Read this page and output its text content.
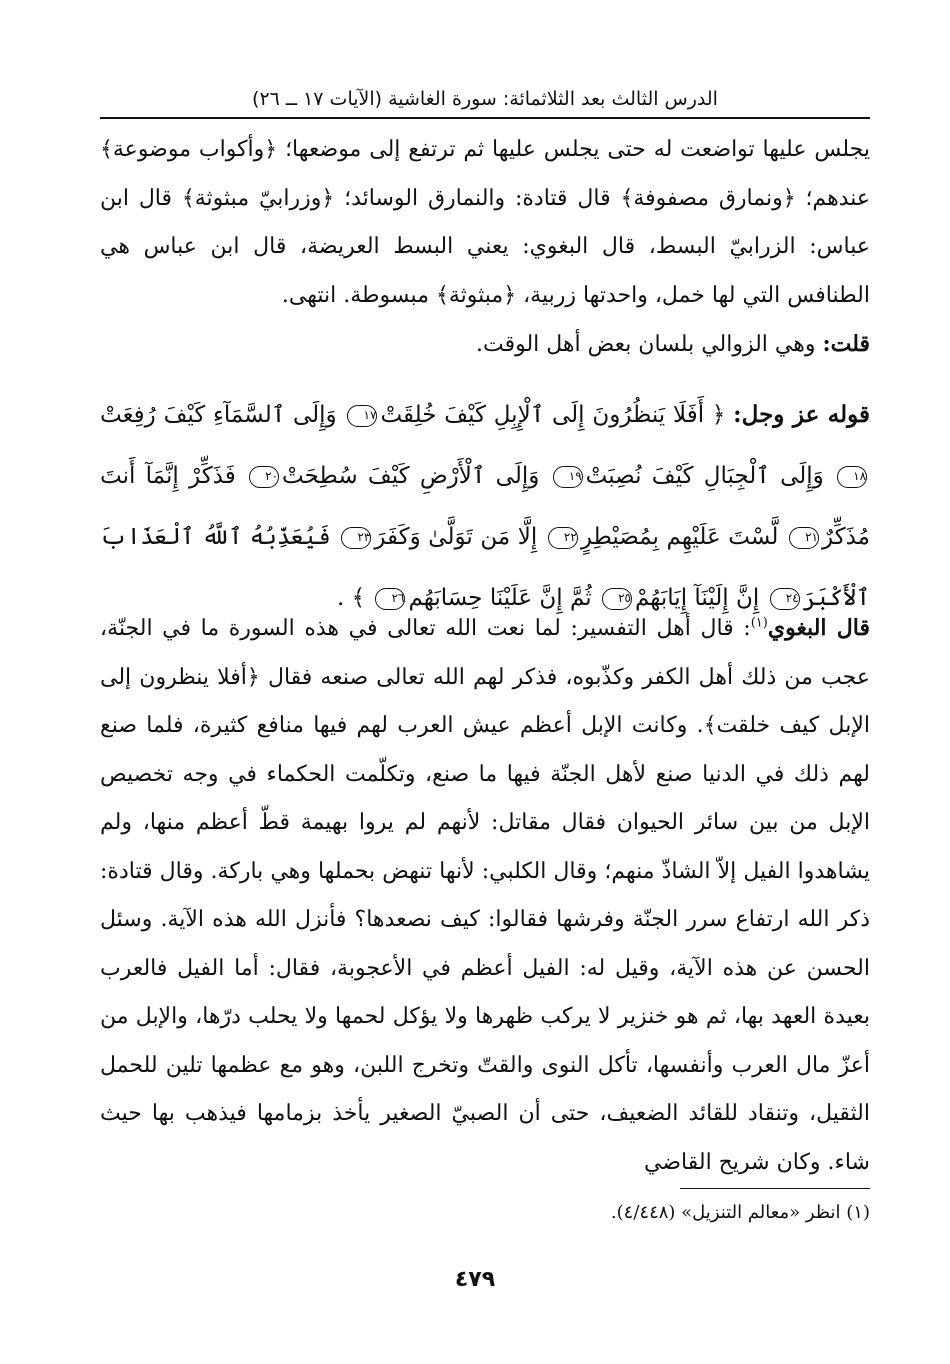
الدرس الثالث بعد الثلاثمائة: سورة الغاشية (الآيات ١٧ ــ ٢٦)
يجلس عليها تواضعت له حتى يجلس عليها ثم ترتفع إلى موضعها؛ ﴿وأكواب موضوعة﴾ عندهم؛ ﴿ونمارق مصفوفة﴾ قال قتادة: والنمارق الوسائد؛ ﴿وزرابيّ مبثوثة﴾ قال ابن عباس: الزرابيّ البسط، قال البغوي: يعني البسط العريضة، قال ابن عباس هي الطنافس التي لها خمل، واحدتها زربية، ﴿مبثوثة﴾ مبسوطة. انتهى.
قلت: وهي الزوالي بلسان بعض أهل الوقت.
قوله عز وجل: ﴿ أَفَلَا يَنظُرُونَ إِلَى ٱلْإِبِلِ كَيْفَ خُلِقَتْ١٧ وَإِلَى ٱلسَّمَآءِ كَيْفَ رُفِعَتْ١٨ وَإِلَى ٱلْجِبَالِ كَيْفَ نُصِبَتْ١٩ وَإِلَى ٱلْأَرْضِ كَيْفَ سُطِحَتْ٢٠ فَذَكِّرْ إِنَّمَآ أَنتَ مُذَكِّرٌ٢١ لَّسْتَ عَلَيْهِم بِمُصَيْطِرٍ٢٢ إِلَّا مَن تَوَلَّىٰ وَكَفَرَ٢٣ فَيُعَذِّبُهُ ٱللَّهُ ٱلْعَذَابَ ٱلْأَكْبَرَ٢٤ إِنَّ إِلَيْنَآ إِيَابَهُمْ٢٥ ثُمَّ إِنَّ عَلَيْنَا حِسَابَهُم٢٦ ﴾ .
قال البغوي$^{(١)}$: قال أهل التفسير: لما نعت الله تعالى في هذه السورة ما في الجنّة، عجب من ذلك أهل الكفر وكذّبوه، فذكر لهم الله تعالى صنعه فقال ﴿أفلا ينظرون إلى الإبل كيف خلقت﴾. وكانت الإبل أعظم عيش العرب لهم فيها منافع كثيرة، فلما صنع لهم ذلك في الدنيا صنع لأهل الجنّة فيها ما صنع، وتكلّمت الحكماء في وجه تخصيص الإبل من بين سائر الحيوان فقال مقاتل: لأنهم لم يروا بهيمة قطّ أعظم منها، ولم يشاهدوا الفيل إلاّ الشاذّ منهم؛ وقال الكلبي: لأنها تنهض بحملها وهي باركة. وقال قتادة: ذكر الله ارتفاع سرر الجنّة وفرشها فقالوا: كيف نصعدها؟ فأنزل الله هذه الآية. وسئل الحسن عن هذه الآية، وقيل له: الفيل أعظم في الأعجوبة، فقال: أما الفيل فالعرب بعيدة العهد بها، ثم هو خنزير لا يركب ظهرها ولا يؤكل لحمها ولا يحلب درّها، والإبل من أعزّ مال العرب وأنفسها، تأكل النوى والقتّ وتخرج اللبن، وهو مع عظمها تلين للحمل الثقيل، وتنقاد للقائد الضعيف، حتى أن الصبيّ الصغير يأخذ بزمامها فيذهب بها حيث شاء. وكان شريح القاضي
(١) انظر «معالم التنزيل» (٤/٤٤٨).
٤٧٩
